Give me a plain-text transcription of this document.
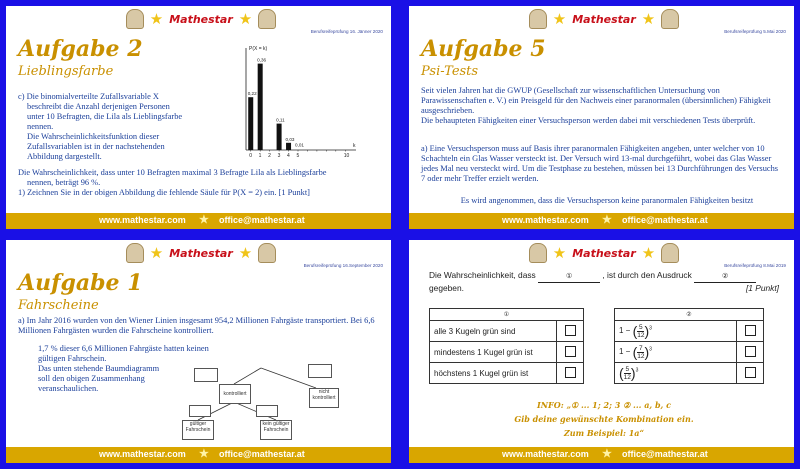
★ Mathestar ★
Berufsreifeprüfung 16. Jänner 2020
Aufgabe 2
Lieblingsfarbe
c) Die binomialverteilte Zufallsvariable X
beschreibt die Anzahl derjenigen Personen
unter 10 Befragten, die Lila als Lieblingsfarbe
nennen.
Die Wahrscheinlichkeitsfunktion dieser
Zufallsvariablen ist in der nachstehenden
Abbildung dargestellt.
P(X = k)
k
0,22
0
0,36
1 2
0,11
3
0,03
4
0,01
5	10
Die Wahrscheinlichkeit, dass unter 10 Befragten maximal 3 Befragte Lila als Lieblingsfarbe
nennen, beträgt 96 %.
1) Zeichnen Sie in der obigen Abbildung die fehlende Säule für P(X = 2) ein. [1 Punkt]
www.mathestar.com ★ office@mathestar.at
★ Mathestar ★
Berufsreifeprüfung 5.Mai 2020
Aufgabe 5
Psi-Tests
Seit vielen Jahren hat die GWUP (Gesellschaft zur wissenschaftlichen Untersuchung von Parawissenschaften e. V.) ein Preisgeld für den Nachweis einer paranormalen (übersinnlichen) Fähigkeit ausgeschrieben.
Die behaupteten Fähigkeiten einer Versuchsperson werden dabei mit verschiedenen Tests überprüft.
a) Eine Versuchsperson muss auf Basis ihrer paranormalen Fähigkeiten angeben, unter welcher von 10 Schachteln ein Glas Wasser versteckt ist. Der Versuch wird 13-mal durchgeführt, wobei das Glas Wasser jedes Mal neu versteckt wird. Um die Testphase zu bestehen, müssen bei 13 Durchführungen des Versuchs 7 oder mehr Treffer erzielt werden.
Es wird angenommen, dass die Versuchsperson keine paranormalen Fähigkeiten besitzt
www.mathestar.com ★ office@mathestar.at
★ Mathestar ★
Berufsreifeprüfung 16.September 2020
Aufgabe 1
Fahrscheine
a) Im Jahr 2016 wurden von den Wiener Linien insgesamt 954,2 Millionen Fahrgäste transportiert. Bei 6,6 Millionen Fahrgästen wurden die Fahrscheine kontrolliert.
1,7 % dieser 6,6 Millionen Fahrgäste hatten keinen gültigen Fahrschein.
Das unten stehende Baumdiagramm
soll den obigen Zusammenhang
veranschaulichen.
kontrolliert	nicht kontrolliert
gültiger Fahrschein
kein gültiger Fahrschein
www.mathestar.com ★ office@mathestar.at
★ Mathestar ★
Berufsreifeprüfung 8.Mai 2019
Die Wahrscheinlichkeit, dass	①	, ist durch den Ausdruck	②
gegeben.	[1 Punkt]
①	
alle 3 Kugeln grün sind	
mindestens 1 Kugel grün ist	
höchstens 1 Kugel grün ist	
②	
1 − ( $\frac{5}{12})^3$	
1 − ( $\frac{7}{12})^3$	
( $\frac{5}{12})^3$	
INFO: „① ... 1; 2; 3 ② ... a, b, c
Gib deine gewünschte Kombination ein.
Zum Beispiel: 1a“
www.mathestar.com ★ office@mathestar.at
